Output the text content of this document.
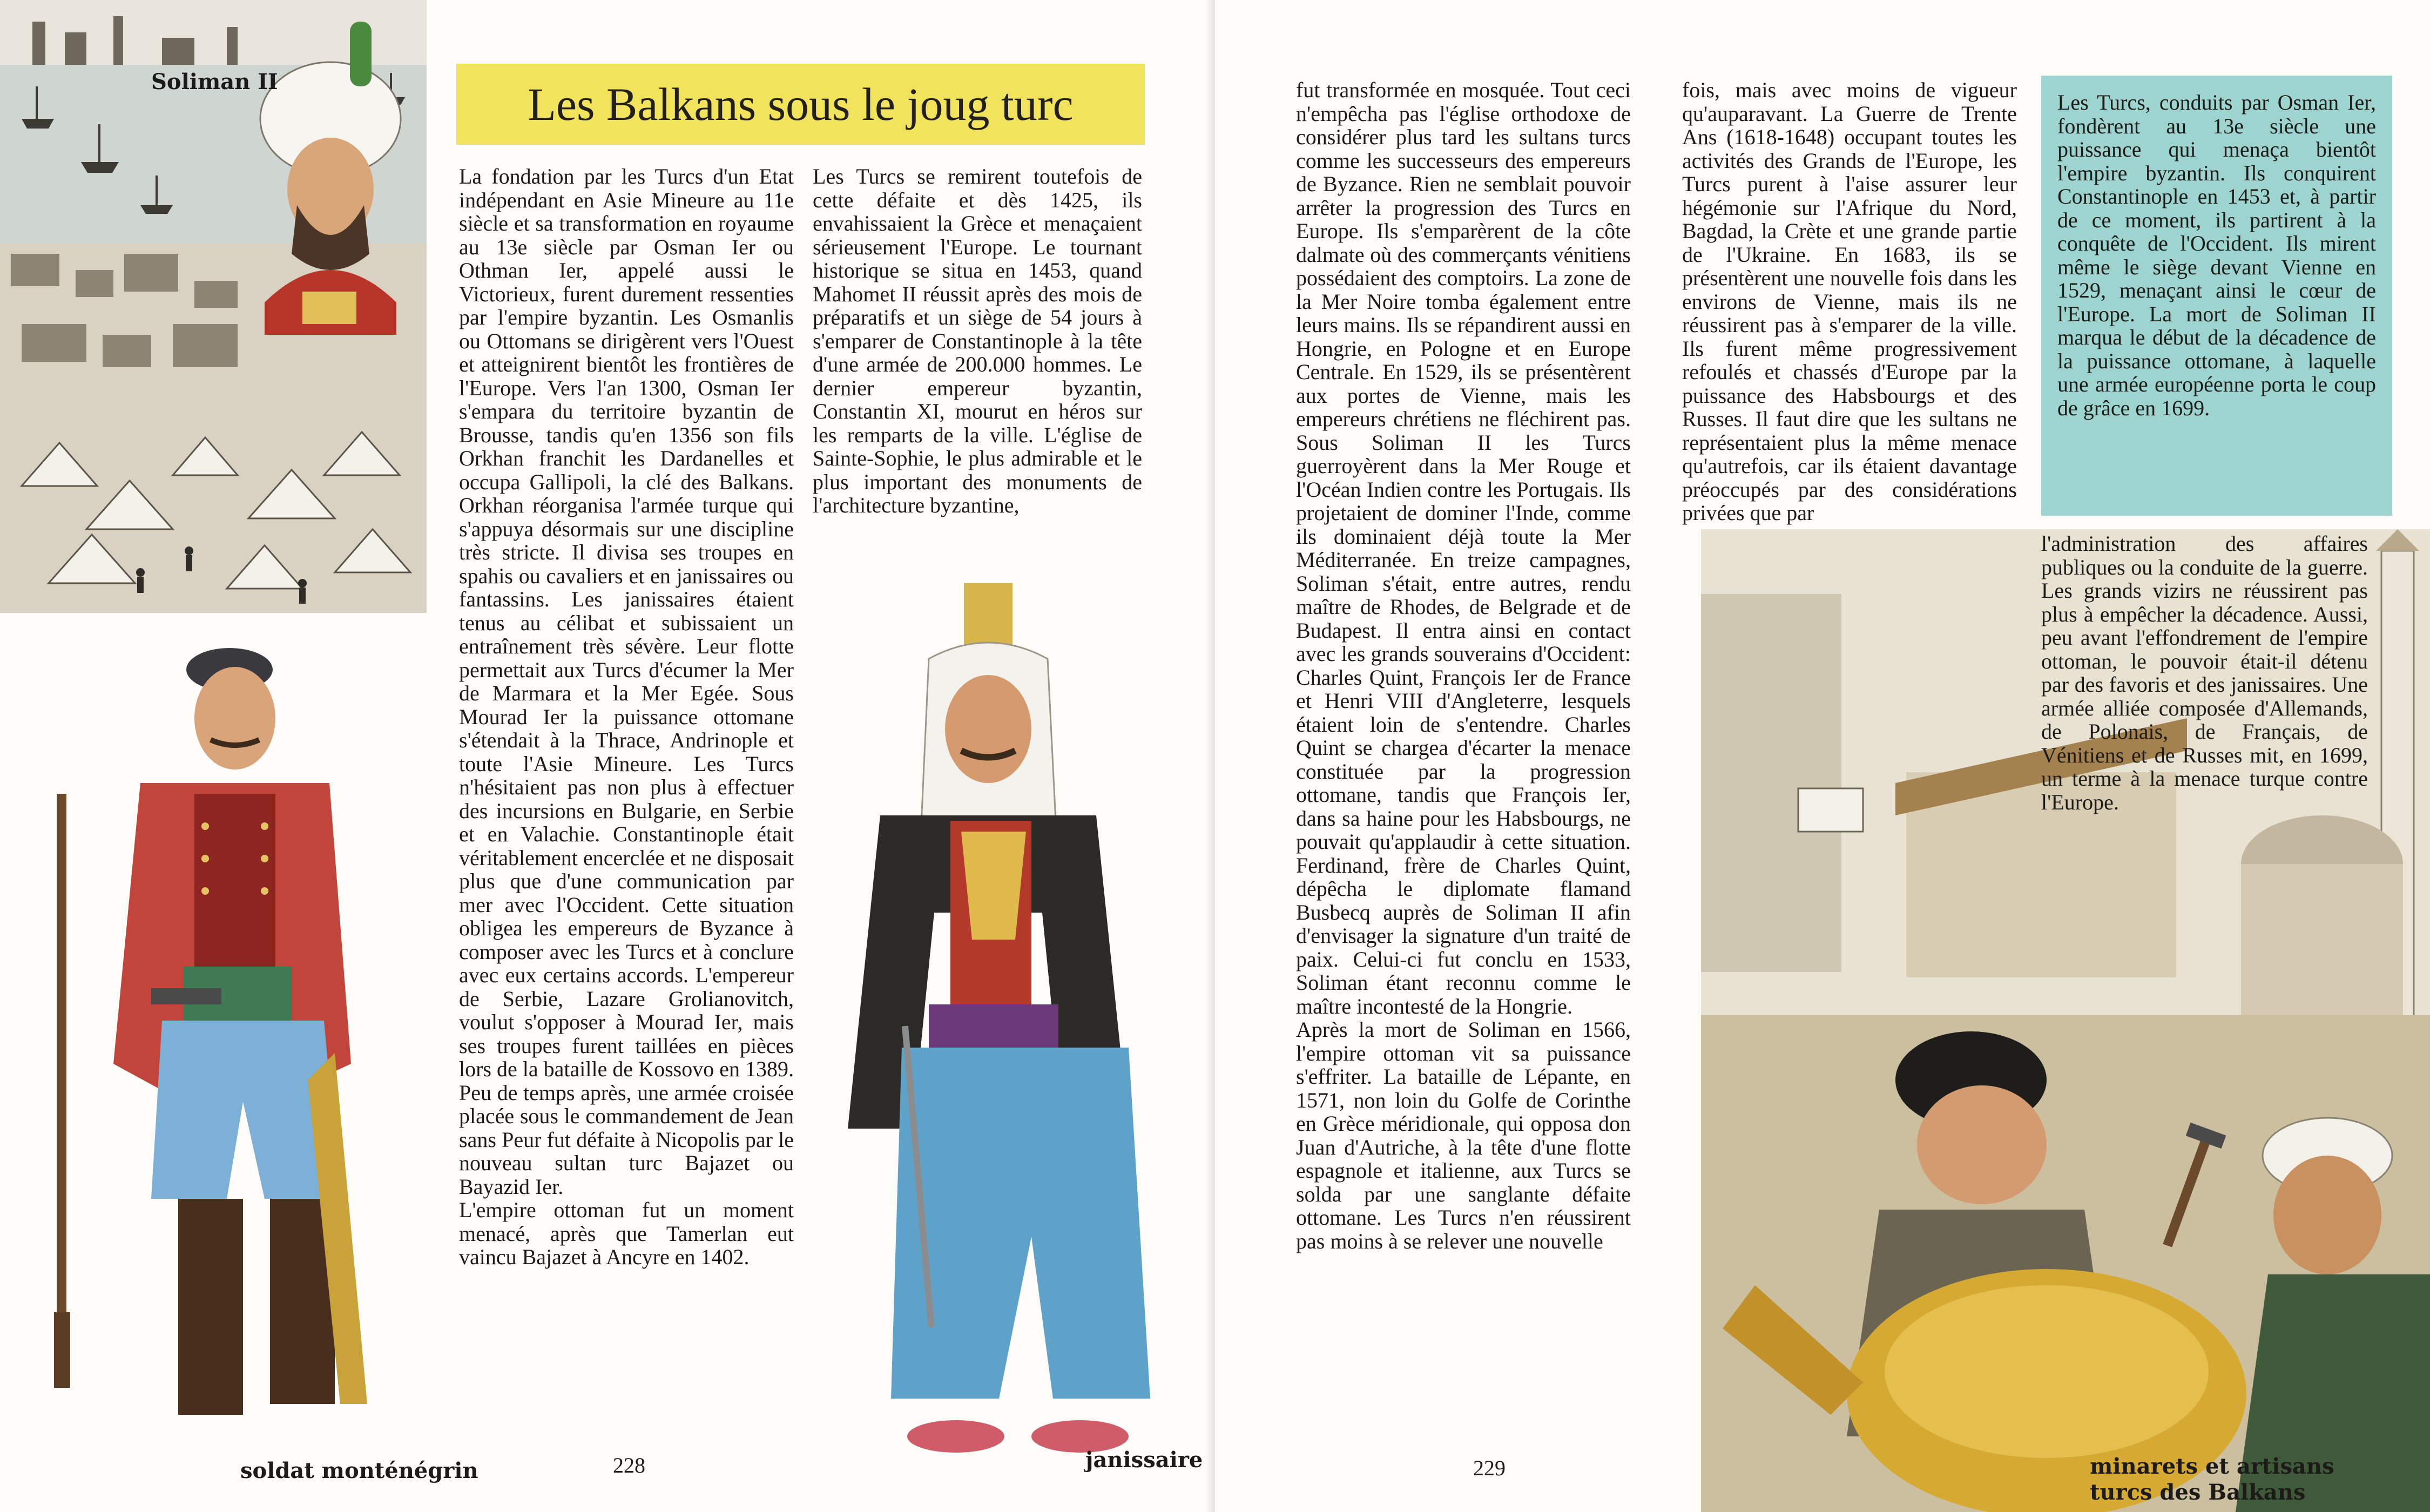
Soliman II
janissaire
Les Balkans sous le joug turc

La fondation par les Turcs d'un Etat indépendant en Asie Mineure au 11e siècle et sa transformation en royaume au 13e siècle par Osman Ier ou Othman Ier, appelé aussi le Victorieux, furent durement ressenties par l'empire byzantin. Les Osmanlis ou Ottomans se dirigèrent vers l'Ouest et atteignirent bientôt les frontières de l'Europe. Vers l'an 1300, Osman Ier s'empara du territoire byzantin de Brousse, tandis qu'en 1356 son fils Orkhan franchit les Dardanelles et occupa Gallipoli, la clé des Balkans. Orkhan réorganisa l'armée turque qui s'appuya désormais sur une discipline très stricte. Il divisa ses troupes en spahis ou cavaliers et en janissaires ou fantassins. Les janissaires étaient tenus au célibat et subissaient un entraînement très sévère. Leur flotte permettait aux Turcs d'écumer la Mer de Marmara et la Mer Egée. Sous Mourad Ier la puissance ottomane s'étendait à la Thrace, Andrinople et toute l'Asie Mineure. Les Turcs n'hésitaient pas non plus à effectuer des incursions en Bulgarie, en Serbie et en Valachie. Constantinople était véritablement encerclée et ne disposait plus que d'une communication par mer avec l'Occident. Cette situation obligea les empereurs de Byzance à composer avec les Turcs et à conclure avec eux certains accords. L'empereur de Serbie, Lazare Grolianovitch, voulut s'opposer à Mourad Ier, mais ses troupes furent taillées en pièces lors de la bataille de Kossovo en 1389. Peu de temps après, une armée croisée placée sous le commandement de Jean sans Peur fut défaite à Nicopolis par le nouveau sultan turc Bajazet ou Bayazid Ier.

L'empire ottoman fut un moment menacé, après que Tamerlan eut vaincu Bajazet à Ancyre en 1402.

Les Turcs se remirent toutefois de cette défaite et dès 1425, ils envahissaient la Grèce et menaçaient sérieusement l'Europe. Le tournant historique se situa en 1453, quand Mahomet II réussit après des mois de préparatifs et un siège de 54 jours à s'emparer de Constantinople à la tête d'une armée de 200.000 hommes. Le dernier empereur byzantin, Constantin XI, mourut en héros sur les remparts de la ville. L'église de Sainte-Sophie, le plus admirable et le plus important des monuments de l'architecture byzantine,

soldat monténégrin	228

fut transformée en mosquée. Tout ceci n'empêcha pas l'église orthodoxe de considérer plus tard les sultans turcs comme les successeurs des empereurs de Byzance. Rien ne semblait pouvoir arrêter la progression des Turcs en Europe. Ils s'emparèrent de la côte dalmate où des commerçants vénitiens possédaient des comptoirs. La zone de la Mer Noire tomba également entre leurs mains. Ils se répandirent aussi en Hongrie, en Pologne et en Europe Centrale. En 1529, ils se présentèrent aux portes de Vienne, mais les empereurs chrétiens ne fléchirent pas. Sous Soliman II les Turcs guerroyèrent dans la Mer Rouge et l'Océan Indien contre les Portugais. Ils projetaient de dominer l'Inde, comme ils dominaient déjà toute la Mer Méditerranée. En treize campagnes, Soliman s'était, entre autres, rendu maître de Rhodes, de Belgrade et de Budapest. Il entra ainsi en contact avec les grands souverains d'Occident: Charles Quint, François Ier de France et Henri VIII d'Angleterre, lesquels étaient loin de s'entendre. Charles Quint se chargea d'écarter la menace constituée par la progression ottomane, tandis que François Ier, dans sa haine pour les Habsbourgs, ne pouvait qu'applaudir à cette situation. Ferdinand, frère de Charles Quint, dépêcha le diplomate flamand Busbecq auprès de Soliman II afin d'envisager la signature d'un traité de paix. Celui-ci fut conclu en 1533, Soliman étant reconnu comme le maître incontesté de la Hongrie.

Après la mort de Soliman en 1566, l'empire ottoman vit sa puissance s'effriter. La bataille de Lépante, en 1571, non loin du Golfe de Corinthe en Grèce méridionale, qui opposa don Juan d'Autriche, à la tête d'une flotte espagnole et italienne, aux Turcs se solda par une sanglante défaite ottomane. Les Turcs n'en réussirent pas moins à se relever une nouvelle

fois, mais avec moins de vigueur qu'auparavant. La Guerre de Trente Ans (1618-1648) occupant toutes les activités des Grands de l'Europe, les Turcs purent à l'aise assurer leur hégémonie sur l'Afrique du Nord, Bagdad, la Crète et une grande partie de l'Ukraine. En 1683, ils se présentèrent une nouvelle fois dans les environs de Vienne, mais ils ne réussirent pas à s'emparer de la ville. Ils furent même progressivement refoulés et chassés d'Europe par la puissance des Habsbourgs et des Russes. Il faut dire que les sultans ne représentaient plus la même menace qu'autrefois, car ils étaient davantage préoccupés par des considérations privées que par

Les Turcs, conduits par Osman Ier, fondèrent au 13e siècle une puissance qui menaça bientôt l'empire byzantin. Ils conquirent Constantinople en 1453 et, à partir de ce moment, ils partirent à la conquête de l'Occident. Ils mirent même le siège devant Vienne en 1529, menaçant ainsi le cœur de l'Europe. La mort de Soliman II marqua le début de la décadence de la puissance ottomane, à laquelle une armée européenne porta le coup de grâce en 1699.

l'administration des affaires publiques ou la conduite de la guerre. Les grands vizirs ne réussirent pas plus à empêcher la décadence. Aussi, peu avant l'effondrement de l'empire ottoman, le pouvoir était-il détenu par des favoris et des janissaires. Une armée alliée composée d'Allemands, de Polonais, de Français, de Vénitiens et de Russes mit, en 1699, un terme à la menace turque contre l'Europe.

229	minarets et artisans
turcs des Balkans
